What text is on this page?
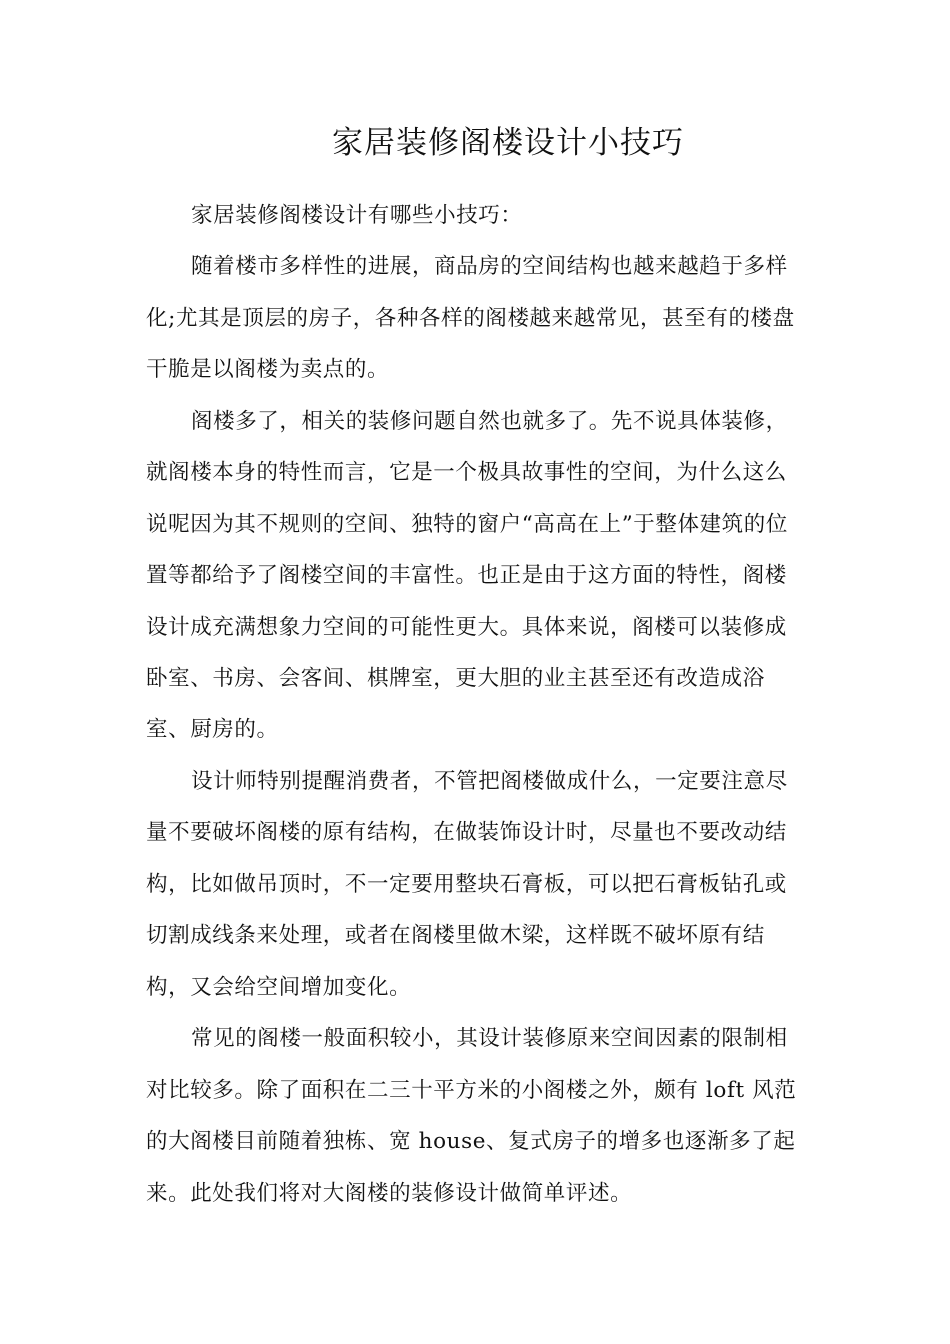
家居装修阁楼设计小技巧

家居装修阁楼设计有哪些小技巧：

随着楼市多样性的进展，商品房的空间结构也越来越趋于多样

化;尤其是顶层的房子，各种各样的阁楼越来越常见，甚至有的楼盘

干脆是以阁楼为卖点的。

阁楼多了，相关的装修问题自然也就多了。先不说具体装修，

就阁楼本身的特性而言，它是一个极具故事性的空间，为什么这么

说呢因为其不规则的空间、独特的窗户“高高在上”于整体建筑的位

置等都给予了阁楼空间的丰富性。也正是由于这方面的特性，阁楼

设计成充满想象力空间的可能性更大。具体来说，阁楼可以装修成

卧室、书房、会客间、棋牌室，更大胆的业主甚至还有改造成浴

室、厨房的。

设计师特别提醒消费者，不管把阁楼做成什么，一定要注意尽

量不要破坏阁楼的原有结构，在做装饰设计时，尽量也不要改动结

构，比如做吊顶时，不一定要用整块石膏板，可以把石膏板钻孔或

切割成线条来处理，或者在阁楼里做木梁，这样既不破坏原有结

构，又会给空间增加变化。

常见的阁楼一般面积较小，其设计装修原来空间因素的限制相

对比较多。除了面积在二三十平方米的小阁楼之外，颇有 loft 风范

的大阁楼目前随着独栋、宽 house、复式房子的增多也逐渐多了起

来。此处我们将对大阁楼的装修设计做简单评述。
